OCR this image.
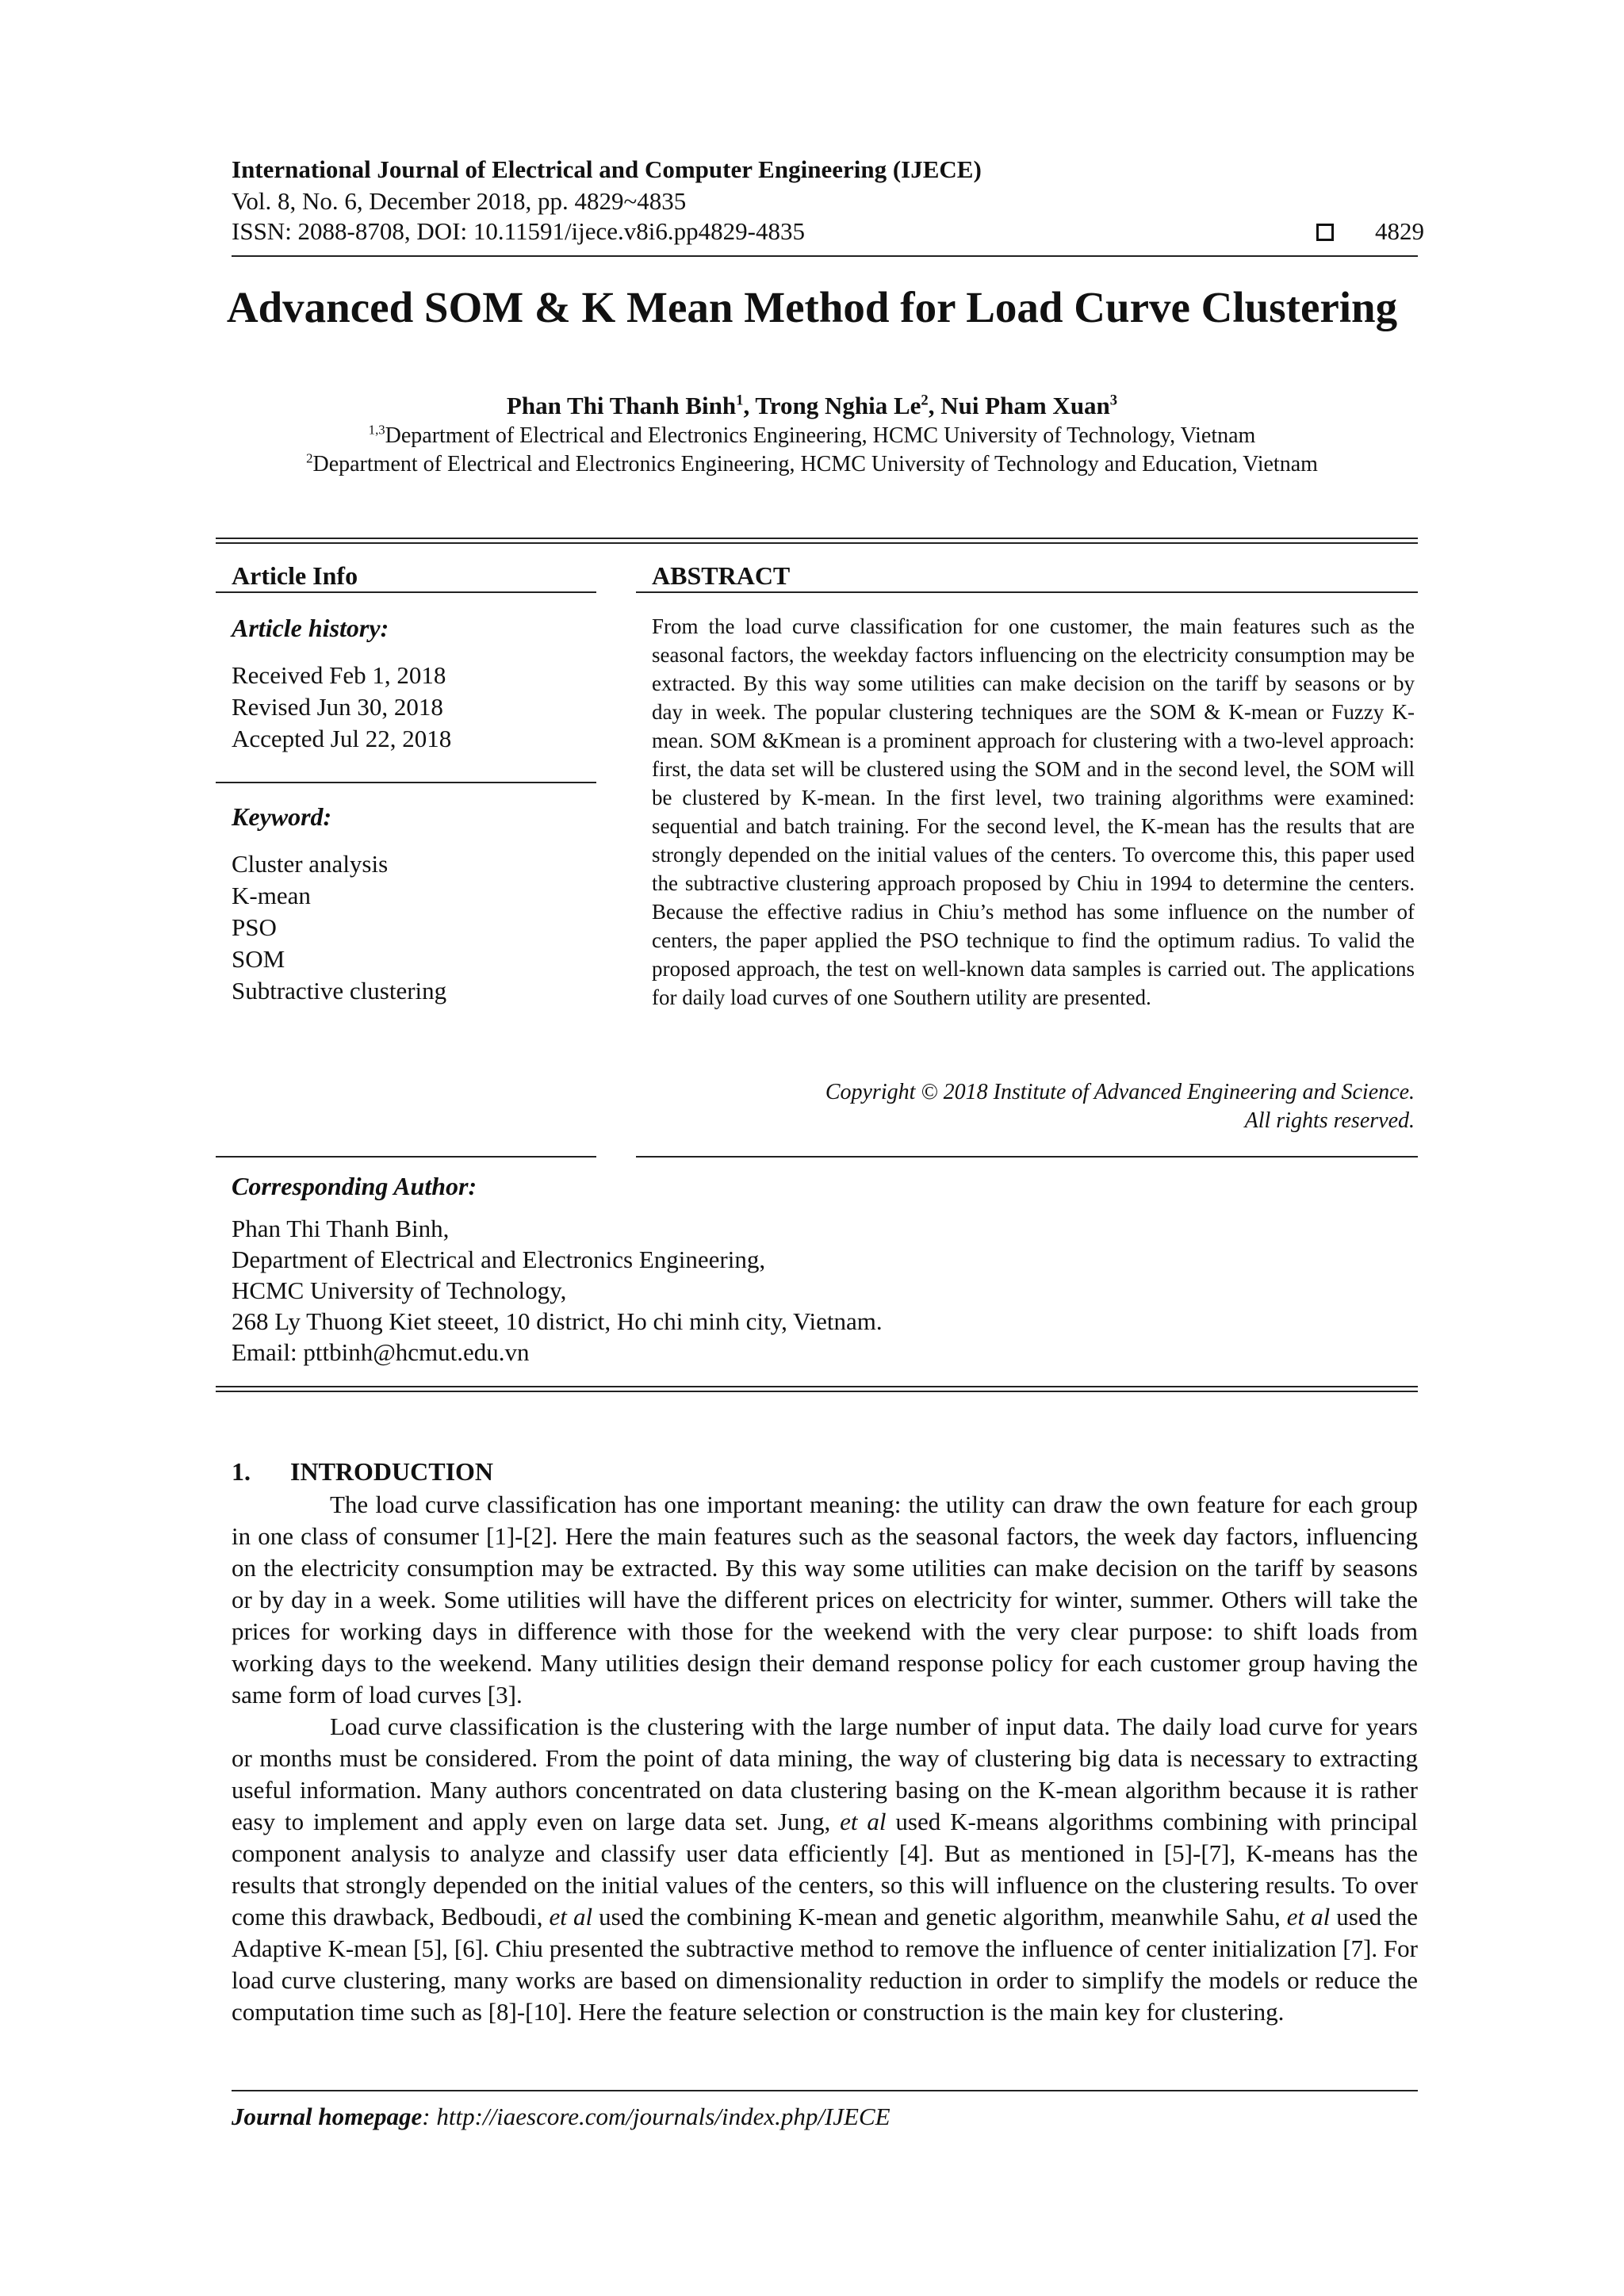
International Journal of Electrical and Computer Engineering (IJECE)
Vol. 8, No. 6, December 2018, pp. 4829~4835
ISSN: 2088-8708, DOI: 10.11591/ijece.v8i6.pp4829-4835	4829
Advanced SOM & K Mean Method for Load Curve Clustering
Phan Thi Thanh Binh$^1$, Trong Nghia Le$^2$, Nui Pham Xuan$^3$
$^{1,3}$Department of Electrical and Electronics Engineering, HCMC University of Technology, Vietnam
$^2$Department of Electrical and Electronics Engineering, HCMC University of Technology and Education, Vietnam
Article Info
Article history:
Received Feb 1, 2018
Revised Jun 30, 2018
Accepted Jul 22, 2018
Keyword:
Cluster analysis
K-mean
PSO
SOM
Subtractive clustering
ABSTRACT
From the load curve classification for one customer, the main features such as the seasonal factors, the weekday factors influencing on the electricity consumption may be extracted. By this way some utilities can make decision on the tariff by seasons or by day in week. The popular clustering techniques are the SOM & K-mean or Fuzzy K-mean. SOM &Kmean is a prominent approach for clustering with a two-level approach: first, the data set will be clustered using the SOM and in the second level, the SOM will be clustered by K-mean. In the first level, two training algorithms were examined: sequential and batch training. For the second level, the K-mean has the results that are strongly depended on the initial values of the centers. To overcome this, this paper used the subtractive clustering approach proposed by Chiu in 1994 to determine the centers. Because the effective radius in Chiu’s method has some influence on the number of centers, the paper applied the PSO technique to find the optimum radius. To valid the proposed approach, the test on well-known data samples is carried out. The applications for daily load curves of one Southern utility are presented.
Copyright © 2018 Institute of Advanced Engineering and Science.
All rights reserved.
Corresponding Author:
Phan Thi Thanh Binh,
Department of Electrical and Electronics Engineering,
HCMC University of Technology,
268 Ly Thuong Kiet steeet, 10 district, Ho chi minh city, Vietnam.
Email: pttbinh@hcmut.edu.vn
1. INTRODUCTION

The load curve classification has one important meaning: the utility can draw the own feature for each group in one class of consumer [1]-[2]. Here the main features such as the seasonal factors, the week day factors, influencing on the electricity consumption may be extracted. By this way some utilities can make decision on the tariff by seasons or by day in a week. Some utilities will have the different prices on electricity for winter, summer. Others will take the prices for working days in difference with those for the weekend with the very clear purpose: to shift loads from working days to the weekend. Many utilities design their demand response policy for each customer group having the same form of load curves [3].

Load curve classification is the clustering with the large number of input data. The daily load curve for years or months must be considered. From the point of data mining, the way of clustering big data is necessary to extracting useful information. Many authors concentrated on data clustering basing on the K-mean algorithm because it is rather easy to implement and apply even on large data set. Jung, et al used K-means algorithms combining with principal component analysis to analyze and classify user data efficiently [4]. But as mentioned in [5]-[7], K-means has the results that strongly depended on the initial values of the centers, so this will influence on the clustering results. To over come this drawback, Bedboudi, et al used the combining K-mean and genetic algorithm, meanwhile Sahu, et al used the Adaptive K-mean [5], [6]. Chiu presented the subtractive method to remove the influence of center initialization [7]. For load curve clustering, many works are based on dimensionality reduction in order to simplify the models or reduce the computation time such as [8]-[10]. Here the feature selection or construction is the main key for clustering.

Journal homepage: http://iaescore.com/journals/index.php/IJECE
